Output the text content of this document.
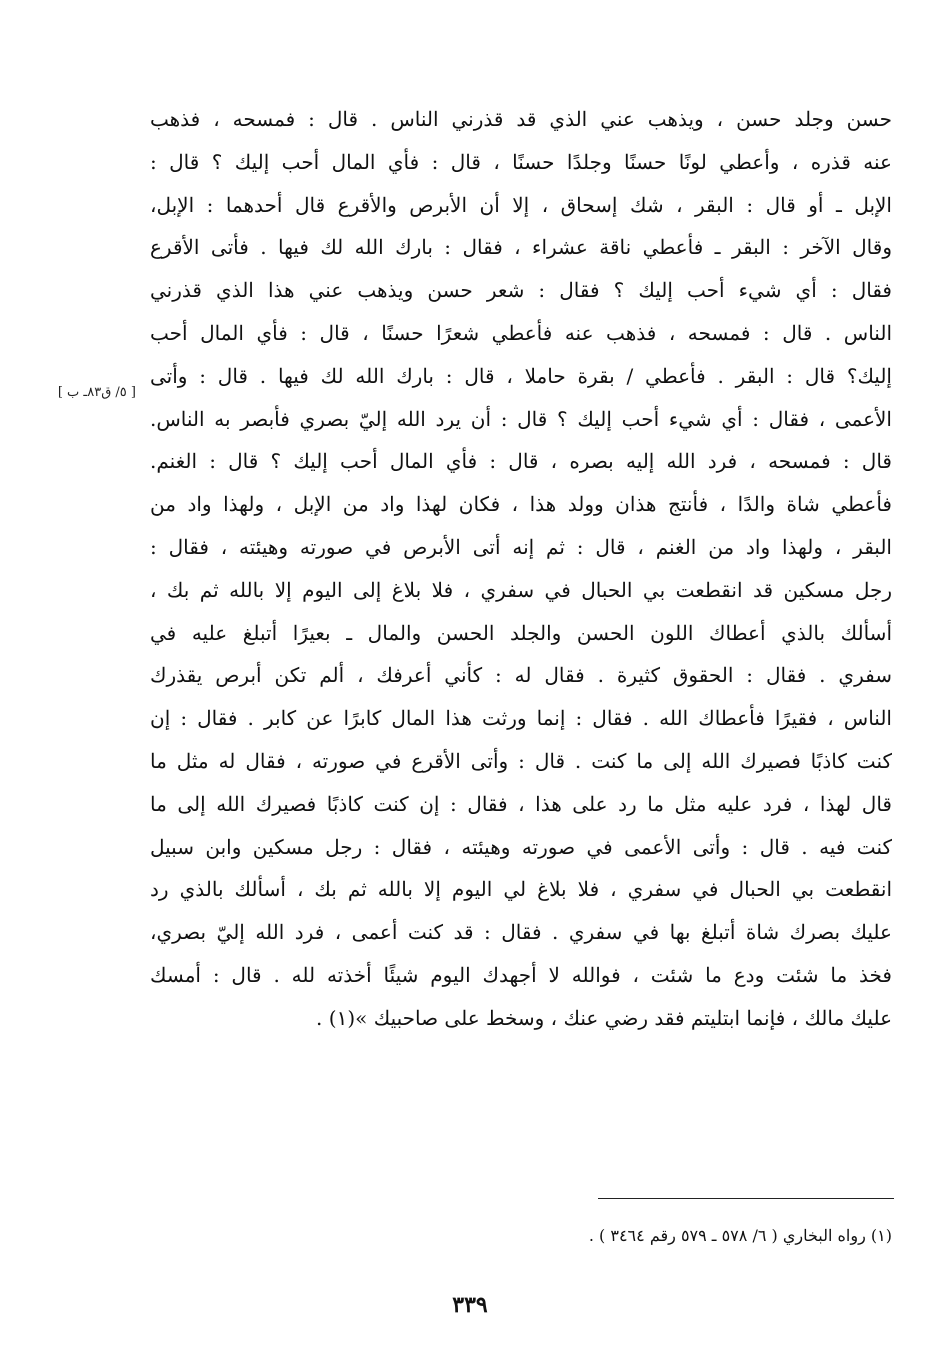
حسن وجلد حسن ، ويذهب عني الذي قد قذرني الناس . قال : فمسحه ، فذهب
عنه قذره ، وأعطي لونًا حسنًا وجلدًا حسنًا ، قال : فأي المال أحب إليك ؟ قال :
الإبل ـ أو قال : البقر ، شك إسحاق ، إلا أن الأبرص والأقرع قال أحدهما : الإبل،
وقال الآخر : البقر ـ فأعطي ناقة عشراء ، فقال : بارك الله لك فيها . فأتى الأقرع
فقال : أي شيء أحب إليك ؟ فقال : شعر حسن ويذهب عني هذا الذي قذرني
الناس . قال : فمسحه ، فذهب عنه فأعطي شعرًا حسنًا ، قال : فأي المال أحب
إليك؟ قال : البقر . فأعطي / بقرة حاملا ، قال : بارك الله لك فيها . قال : وأتى
الأعمى ، فقال : أي شيء أحب إليك ؟ قال : أن يرد الله إليّ بصري فأبصر به الناس.
قال : فمسحه ، فرد الله إليه بصره ، قال : فأي المال أحب إليك ؟ قال : الغنم.
فأعطي شاة والدًا ، فأنتج هذان وولد هذا ، فكان لهذا واد من الإبل ، ولهذا واد من
البقر ، ولهذا واد من الغنم ، قال : ثم إنه أتى الأبرص في صورته وهيئته ، فقال :
رجل مسكين قد انقطعت بي الحبال في سفري ، فلا بلاغ إلى اليوم إلا بالله ثم بك ،
أسألك بالذي أعطاك اللون الحسن والجلد الحسن والمال ـ بعيرًا أتبلغ عليه في
سفري . فقال : الحقوق كثيرة . فقال له : كأني أعرفك ، ألم تكن أبرص يقذرك
الناس ، فقيرًا فأعطاك الله . فقال : إنما ورثت هذا المال كابرًا عن كابر . فقال : إن
كنت كاذبًا فصيرك الله إلى ما كنت . قال : وأتى الأقرع في صورته ، فقال له مثل ما
قال لهذا ، فرد عليه مثل ما رد على هذا ، فقال : إن كنت كاذبًا فصيرك الله إلى ما
كنت فيه . قال : وأتى الأعمى في صورته وهيئته ، فقال : رجل مسكين وابن سبيل
انقطعت بي الحبال في سفري ، فلا بلاغ لي اليوم إلا بالله ثم بك ، أسألك بالذي رد
عليك بصرك شاة أتبلغ بها في سفري . فقال : قد كنت أعمى ، فرد الله إليّ بصري،
فخذ ما شئت ودع ما شئت ، فوالله لا أجهدك اليوم شيئًا أخذته لله . قال : أمسك
عليك مالك ، فإنما ابتليتم فقد رضي عنك ، وسخط على صاحبيك »(١) .
[ ٥/ ق٨٣ـ ب ]
(١) رواه البخاري ( ٦/ ٥٧٨ ـ ٥٧٩ رقم ٣٤٦٤ ) .
٣٣٩
